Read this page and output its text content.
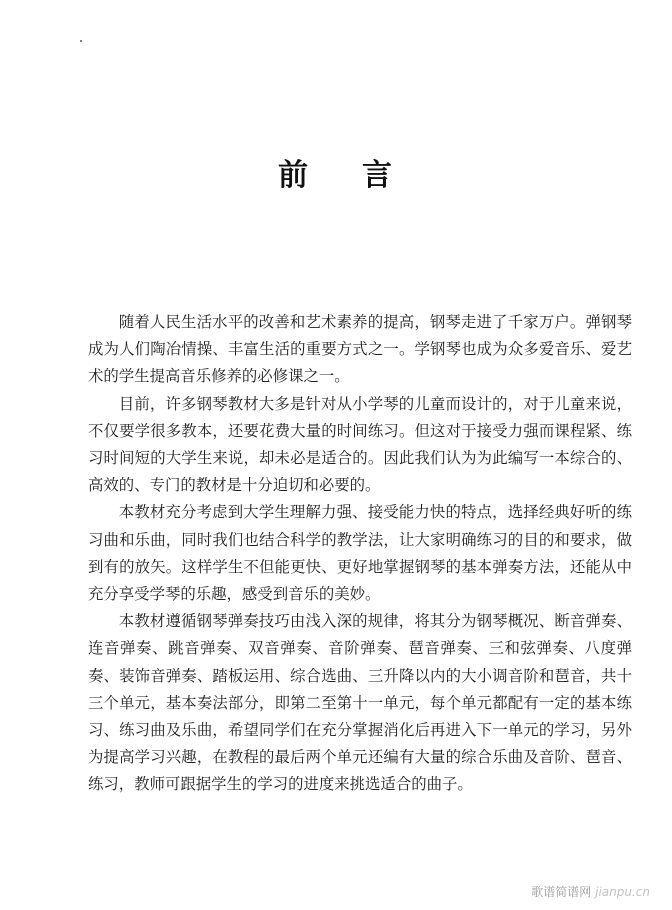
前 言

随着人民生活水平的改善和艺术素养的提高，钢琴走进了千家万户。弹钢琴成为人们陶冶情操、丰富生活的重要方式之一。学钢琴也成为众多爱音乐、爱艺术的学生提高音乐修养的必修课之一。

目前，许多钢琴教材大多是针对从小学琴的儿童而设计的，对于儿童来说，不仅要学很多教本，还要花费大量的时间练习。但这对于接受力强而课程紧、练习时间短的大学生来说，却未必是适合的。因此我们认为为此编写一本综合的、高效的、专门的教材是十分迫切和必要的。

本教材充分考虑到大学生理解力强、接受能力快的特点，选择经典好听的练习曲和乐曲，同时我们也结合科学的教学法，让大家明确练习的目的和要求，做到有的放矢。这样学生不但能更快、更好地掌握钢琴的基本弹奏方法，还能从中充分享受学琴的乐趣，感受到音乐的美妙。

本教材遵循钢琴弹奏技巧由浅入深的规律，将其分为钢琴概况、断音弹奏、连音弹奏、跳音弹奏、双音弹奏、音阶弹奏、琶音弹奏、三和弦弹奏、八度弹奏、装饰音弹奏、踏板运用、综合选曲、三升降以内的大小调音阶和琶音，共十三个单元，基本奏法部分，即第二至第十一单元，每个单元都配有一定的基本练习、练习曲及乐曲，希望同学们在充分掌握消化后再进入下一单元的学习，另外为提高学习兴趣，在教程的最后两个单元还编有大量的综合乐曲及音阶、琶音、练习，教师可跟据学生的学习的进度来挑选适合的曲子。

歌谱简谱网 jianpu.cn
